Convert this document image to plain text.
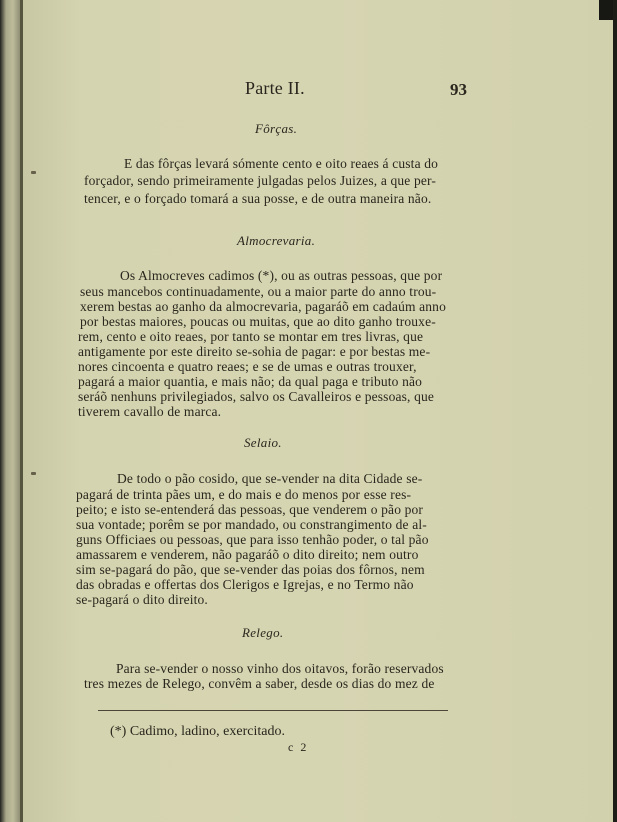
Parte II.	93
Fôrças.
E das fôrças levará sómente cento e oito reaes á custa do
forçador, sendo primeiramente julgadas pelos Juizes, a que per-
tencer, e o forçado tomará a sua posse, e de outra maneira não.
Almocrevaria.
Os Almocreves cadimos (*), ou as outras pessoas, que por
seus mancebos continuadamente, ou a maior parte do anno trou-
xerem bestas ao ganho da almocrevaria, pagaráõ em cadaúm anno
por bestas maiores, poucas ou muitas, que ao dito ganho trouxe-
rem, cento e oito reaes, por tanto se montar em tres livras, que
antigamente por este direito se-sohia de pagar: e por bestas me-
nores cincoenta e quatro reaes; e se de umas e outras trouxer,
pagará a maior quantia, e mais não; da qual paga e tributo não
seráõ nenhuns privilegiados, salvo os Cavalleiros e pessoas, que
tiverem cavallo de marca.
Selaio.
De todo o pão cosido, que se-vender na dita Cidade se-
pagará de trinta pães um, e do mais e do menos por esse res-
peito; e isto se-entenderá das pessoas, que venderem o pão por
sua vontade; porêm se por mandado, ou constrangimento de al-
guns Officiaes ou pessoas, que para isso tenhão poder, o tal pão
amassarem e venderem, não pagaráõ o dito direito; nem outro
sim se-pagará do pão, que se-vender das poias dos fôrnos, nem
das obradas e offertas dos Clerigos e Igrejas, e no Termo não
se-pagará o dito direito.
Relego.
Para se-vender o nosso vinho dos oitavos, forão reservados
tres mezes de Relego, convêm a saber, desde os dias do mez de
(*) Cadimo, ladino, exercitado.
c 2
